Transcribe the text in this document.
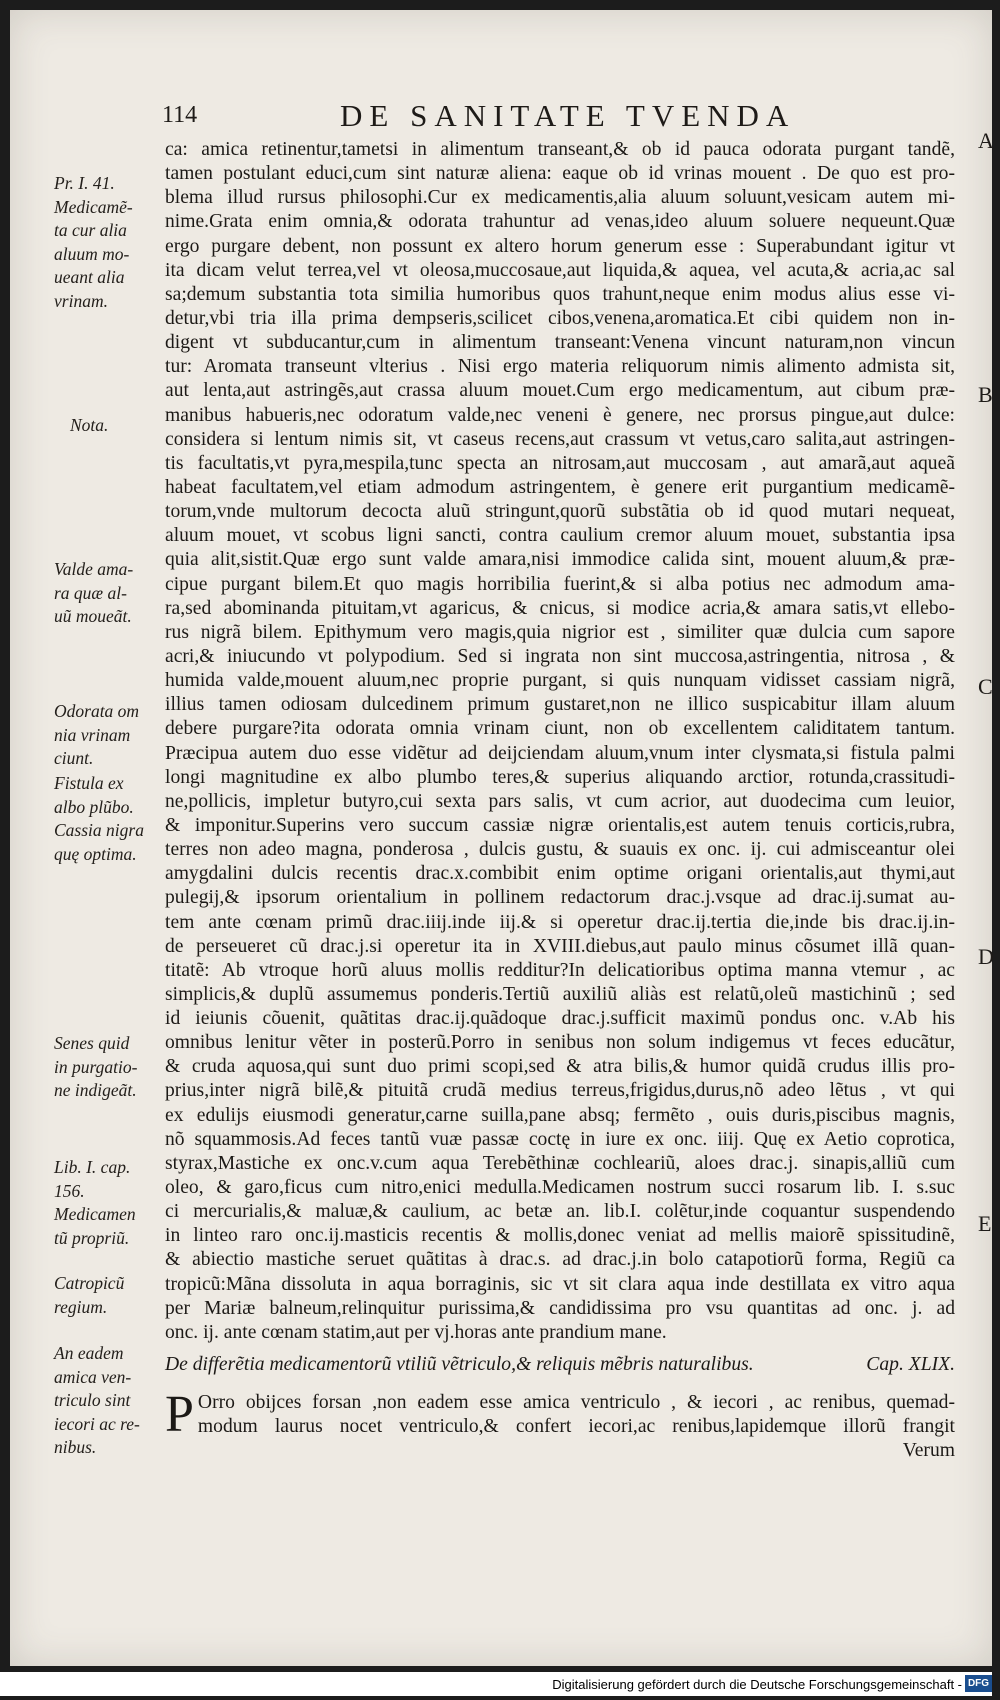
114	DE SANITATE TVENDA
A
B
C
D
E
Pr. I. 41.
Medicamẽ-
ta cur alia
aluum mo-
ueant alia
vrinam.
Nota.
Valde ama-
ra quæ al-
uũ moueãt.
Odorata om
nia vrinam
ciunt.
Fistula ex
albo plũbo.
Cassia nigra
quę optima.
Senes quid
in purgatio-
ne indigeãt.
Lib. I. cap.
156.
Medicamen
tũ propriũ.
Catropicũ
regium.
An eadem
amica ven-
triculo sint
iecori ac re-
nibus.
ca: amica retinentur,tametsi in alimentum transeant,& ob id pauca odorata purgant tandẽ,
tamen postulant educi,cum sint naturæ aliena: eaque ob id vrinas mouent . De quo est pro-
blema illud rursus philosophi.Cur ex medicamentis,alia aluum soluunt,vesicam autem mi-
nime.Grata enim omnia,& odorata trahuntur ad venas,ideo aluum soluere nequeunt.Quæ
ergo purgare debent, non possunt ex altero horum generum esse : Superabundant igitur vt
ita dicam velut terrea,vel vt oleosa,muccosaue,aut liquida,& aquea, vel acuta,& acria,ac sal
sa;demum substantia tota similia humoribus quos trahunt,neque enim modus alius esse vi-
detur,vbi tria illa prima dempseris,scilicet cibos,venena,aromatica.Et cibi quidem non in-
digent vt subducantur,cum in alimentum transeant:Venena vincunt naturam,non vincun
tur: Aromata transeunt vlterius . Nisi ergo materia reliquorum nimis alimento admista sit,
aut lenta,aut astringẽs,aut crassa aluum mouet.Cum ergo medicamentum, aut cibum præ-
manibus habueris,nec odoratum valde,nec veneni è genere, nec prorsus pingue,aut dulce:
considera si lentum nimis sit, vt caseus recens,aut crassum vt vetus,caro salita,aut astringen-
tis facultatis,vt pyra,mespila,tunc specta an nitrosam,aut muccosam , aut amarã,aut aqueã
habeat facultatem,vel etiam admodum astringentem, è genere erit purgantium medicamẽ-
torum,vnde multorum decocta aluũ stringunt,quorũ substãtia ob id quod mutari nequeat,
aluum mouet, vt scobus ligni sancti, contra caulium cremor aluum mouet, substantia ipsa
quia alit,sistit.Quæ ergo sunt valde amara,nisi immodice calida sint, mouent aluum,& præ-
cipue purgant bilem.Et quo magis horribilia fuerint,& si alba potius nec admodum ama-
ra,sed abominanda pituitam,vt agaricus, & cnicus, si modice acria,& amara satis,vt ellebo-
rus nigrã bilem. Epithymum vero magis,quia nigrior est , similiter quæ dulcia cum sapore
acri,& iniucundo vt polypodium. Sed si ingrata non sint muccosa,astringentia, nitrosa , &
humida valde,mouent aluum,nec proprie purgant, si quis nunquam vidisset cassiam nigrã,
illius tamen odiosam dulcedinem primum gustaret,non ne illico suspicabitur illam aluum
debere purgare?ita odorata omnia vrinam ciunt, non ob excellentem caliditatem tantum.
Præcipua autem duo esse vidẽtur ad deijciendam aluum,vnum inter clysmata,si fistula palmi
longi magnitudine ex albo plumbo teres,& superius aliquando arctior, rotunda,crassitudi-
ne,pollicis, impletur butyro,cui sexta pars salis, vt cum acrior, aut duodecima cum leuior,
& imponitur.Superins vero succum cassiæ nigræ orientalis,est autem tenuis corticis,rubra,
terres non adeo magna, ponderosa , dulcis gustu, & suauis ex onc. ij. cui admisceantur olei
amygdalini dulcis recentis drac.x.combibit enim optime origani orientalis,aut thymi,aut
pulegij,& ipsorum orientalium in pollinem redactorum drac.j.vsque ad drac.ij.sumat au-
tem ante cœnam primũ drac.iiij.inde iij.& si operetur drac.ij.tertia die,inde bis drac.ij.in-
de perseueret cũ drac.j.si operetur ita in XVIII.diebus,aut paulo minus cõsumet illã quan-
titatẽ: Ab vtroque horũ aluus mollis redditur?In delicatioribus optima manna vtemur , ac
simplicis,& duplũ assumemus ponderis.Tertiũ auxiliũ aliàs est relatũ,oleũ mastichinũ ; sed
id ieiunis cõuenit, quãtitas drac.ij.quãdoque drac.j.sufficit maximũ pondus onc. v.Ab his
omnibus lenitur vẽter in posterũ.Porro in senibus non solum indigemus vt feces educãtur,
& cruda aquosa,qui sunt duo primi scopi,sed & atra bilis,& humor quidã crudus illis pro-
prius,inter nigrã bilẽ,& pituitã crudã medius terreus,frigidus,durus,nõ adeo lẽtus , vt qui
ex edulijs eiusmodi generatur,carne suilla,pane absq; fermẽto , ouis duris,piscibus magnis,
nõ squammosis.Ad feces tantũ vuæ passæ coctę in iure ex onc. iiij. Quę ex Aetio coprotica,
styrax,Mastiche ex onc.v.cum aqua Terebẽthinæ cochleariũ, aloes drac.j. sinapis,alliũ cum
oleo, & garo,ficus cum nitro,enici medulla.Medicamen nostrum succi rosarum lib. I. s.suc
ci mercurialis,& maluæ,& caulium, ac betæ an. lib.I. colẽtur,inde coquantur suspendendo
in linteo raro onc.ij.masticis recentis & mollis,donec veniat ad mellis maiorẽ spissitudinẽ,
& abiectio mastiche seruet quãtitas à drac.s. ad drac.j.in bolo catapotiorũ forma, Regiũ ca
tropicũ:Mãna dissoluta in aqua borraginis, sic vt sit clara aqua inde destillata ex vitro aqua
per Mariæ balneum,relinquitur purissima,& candidissima pro vsu quantitas ad onc. j. ad
onc. ij. ante cœnam statim,aut per vj.horas ante prandium mane.
De differẽtia medicamentorũ vtiliũ vẽtriculo,& reliquis mẽbris naturalibus.	Cap. XLIX.
P Orro obijces forsan ,non eadem esse amica ventriculo , & iecori , ac renibus, quemad-
modum laurus nocet ventriculo,& confert iecori,ac renibus,lapidemque illorũ frangit
Verum
Digitalisierung gefördert durch die Deutsche Forschungsgemeinschaft - DFG
